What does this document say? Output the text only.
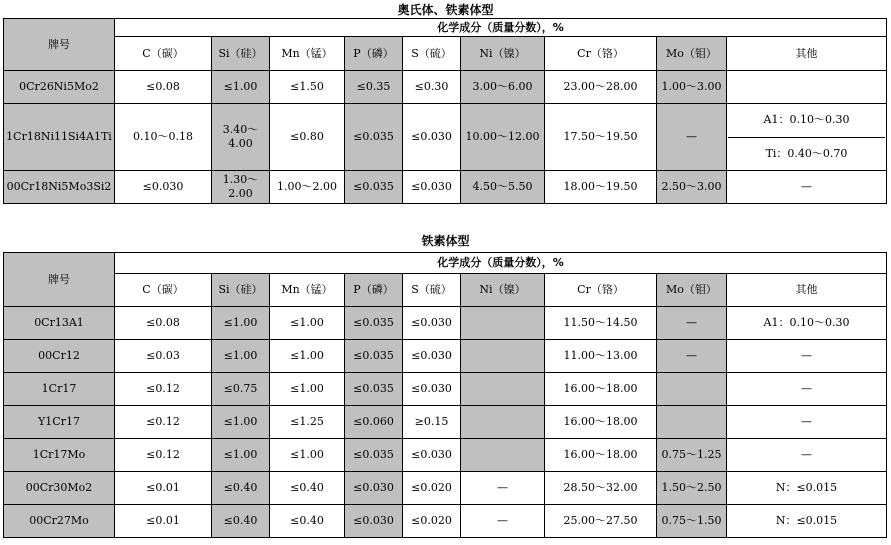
奥氏体、铁素体型
牌号	化学成分（质量分数），%								
	C（碳）	Si（硅）	Mn（锰）	P（磷）	S（硫）	Ni（镍）	Cr（铬）	Mo（钼）	其他
0Cr26Ni5Mo2	≤0.08	≤1.00	≤1.50	≤0.35	≤0.30	3.00～6.00	23.00～28.00	1.00～3.00	
1Cr18Ni11Si4A1Ti	0.10～0.18	3.40～4.00	≤0.80	≤0.035	≤0.030	10.00～12.00	17.50～19.50	—	A1：0.10～0.30
Ti：0.40～0.70

00Cr18Ni5Mo3Si2	≤0.030	1.30～2.00	1.00～2.00	≤0.035	≤0.030	4.50～5.50	18.00～19.50	2.50～3.00	—
铁素体型
牌号	化学成分（质量分数），%								
	C（碳）	Si（硅）	Mn（锰）	P（磷）	S（硫）	Ni（镍）	Cr（铬）	Mo（钼）	其他
0Cr13A1	≤0.08	≤1.00	≤1.00	≤0.035	≤0.030		11.50～14.50	—	A1：0.10～0.30
00Cr12	≤0.03	≤1.00	≤1.00	≤0.035	≤0.030		11.00～13.00	—	—
1Cr17	≤0.12	≤0.75	≤1.00	≤0.035	≤0.030		16.00～18.00		—
Y1Cr17	≤0.12	≤1.00	≤1.25	≤0.060	≥0.15		16.00～18.00		—
1Cr17Mo	≤0.12	≤1.00	≤1.00	≤0.035	≤0.030		16.00～18.00	0.75～1.25	—
00Cr30Mo2	≤0.01	≤0.40	≤0.40	≤0.030	≤0.020	—	28.50～32.00	1.50～2.50	N：≤0.015
00Cr27Mo	≤0.01	≤0.40	≤0.40	≤0.030	≤0.020	—	25.00～27.50	0.75～1.50	N：≤0.015
